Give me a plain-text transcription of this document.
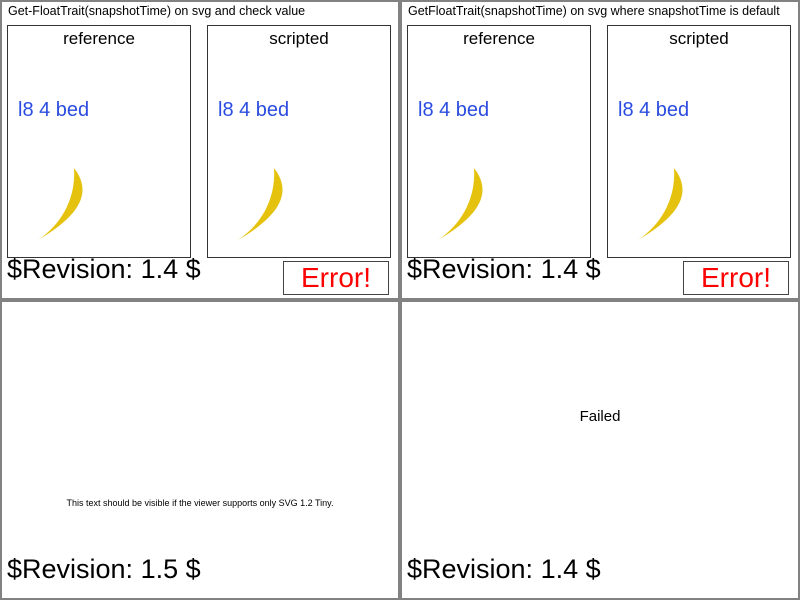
Get-FloatTrait(snapshotTime) on svg and check value
reference
l8 4 bed
scripted
l8 4 bed
$Revision: 1.4 $	Error!
GetFloatTrait(snapshotTime) on svg where snapshotTime is default
reference
l8 4 bed
scripted
l8 4 bed
$Revision: 1.4 $	Error!
This text should be visible if the viewer supports only SVG 1.2 Tiny.
$Revision: 1.5 $
Failed
$Revision: 1.4 $
